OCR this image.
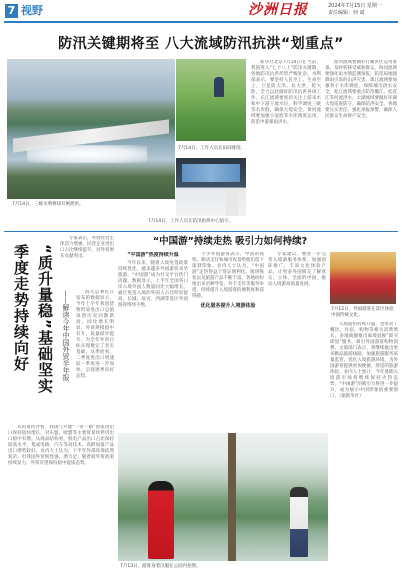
7 视野	沙洲日报	2024年7月15日 星期一
责任编辑：何 斌
防汛关键期将至 八大流域防汛抗洪“划重点”
7月14日，三峡水利枢纽开闸泄洪。
7月14日，工作人员在田间排涝。
7月14日，工作人员在防汛指挥中心值守。

新华社北京7月14日电 当前，我国进入“七下八上”防汛关键期，各地防汛抗洪形势严峻复杂。水利部表示，要坚持人民至上、生命至上，立足防大汛、抗大洪、抢大险，全力以赴做好防汛抗洪各项工作。长江流域要密切关注上游来水和中下游干流水位，科学调度三峡等水库群，确保大堤安全。黄河流域要加强小浪底等水库调度运用，防范中游暴雨洪水。

淮河流域要做好行蓄洪区运用准备，及时转移受威胁群众。海河流域要强化雨水情监测预报，防范局地强降雨引发的山洪灾害。珠江流域要加强骨干水库调度，保障城市供水安全。松辽流域要重点防范嫩江、松花江等河流洪水。太湖流域要做好环湖大堤巡查防守，确保防洪安全。各地要压实责任，强化预报预警，确保人民群众生命财产安全。

专家表示，外贸经营主体活力增强，民营企业进出口占比继续提升，对外贸增长贡献突出。

季度走势持续向好 “质升量稳”基础坚实 ——解读今年中国外贸半年报	海关总署近日发布的数据显示，今年上半年我国货物贸易进出口总值再创历史同期新高，同比增长明显。外贸规模稳中有升，质量稳步提升，为全年外贸目标实现奠定了坚实基础。从季度看，二季度进出口增速较一季度进一步加快，呈现逐季向好态势。

从贸易伙伴看，我国与共建“一带一路”国家进出口保持较快增长，对东盟、欧盟等主要贸易伙伴进出口稳中有增。从商品结构看，机电产品出口占比保持较高水平，集成电路、汽车等高技术、高附加值产品出口增势较好。业内人士认为，下半年外部环境依然复杂，但我国外贸韧性强、潜力足，随着稳外贸政策持续发力，外贸有望保持稳中提质态势。

“中国游”持续走热 吸引力如何持续?
“中国游”热度持续升温

今年以来，随着入境免签政策持续优化，越来越多外国游客来华旅游，“中国游”成为社交平台热门话题。数据显示，上半年全国各口岸入境外国人数量同比大幅增长，通过免签入境的外国人占比明显提高。长城、故宫、西湖等景区外国游客络绎不绝。

不少外国游客表示，中国的高铁、移动支付和城市夜景给他们留下深刻印象。业内人士认为，“中国游”走热得益于签证便利化、航班恢复以及旅游产品不断丰富。各地纷纷推出多语种导览、外卡支付等服务举措，持续提升入境游客的便利度和获得感。

优化服务提升入境游体验

专家建议，要进一步完善入境游服务体系，加强国际推广，丰富文化体验产品，让更多外国朋友了解真实、立体、全面的中国，推动入境游高质量发展。

7月13日，游客身着汉服在公园内拍照。
7月12日，外国游客在景区体验中国传统文化。

入境游的持续升温，也带动了餐饮、住宿、购物等相关消费增长。多地商圈推出离境退税“即买即退”服务，吸引外国游客购物消费。文旅部门表示，将继续推出更多精品旅游线路，加强旅游服务质量监管，优化入境旅游环境，为外国游客提供更加便捷、舒适的旅游体验。业内人士预计，今年暑期入境游市场将继续保持火热态势，“中国游”的吸引力将进一步提升，成为展示中国形象的重要窗口。（据新华社）
